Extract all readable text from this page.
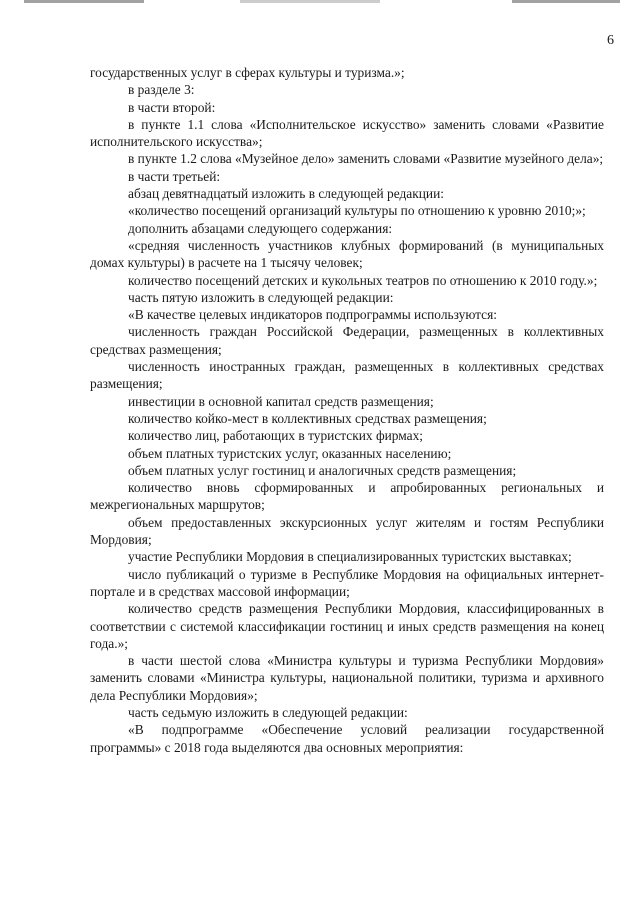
6

государственных услуг в сферах культуры и туризма.»;

в разделе 3:

в части второй:

в пункте 1.1 слова «Исполнительское искусство» заменить словами «Развитие исполнительского искусства»;

в пункте 1.2 слова «Музейное дело» заменить словами «Развитие музейного дела»;

в части третьей:

абзац девятнадцатый изложить в следующей редакции:

«количество посещений организаций культуры по отношению к уровню 2010;»;

дополнить абзацами следующего содержания:

«средняя численность участников клубных формирований (в муниципальных домах культуры) в расчете на 1 тысячу человек;

количество посещений детских и кукольных театров по отношению к 2010 году.»;

часть пятую изложить в следующей редакции:

«В качестве целевых индикаторов подпрограммы используются:

численность граждан Российской Федерации, размещенных в коллективных средствах размещения;

численность иностранных граждан, размещенных в коллективных средствах размещения;

инвестиции в основной капитал средств размещения;

количество койко-мест в коллективных средствах размещения;

количество лиц, работающих в туристских фирмах;

объем платных туристских услуг, оказанных населению;

объем платных услуг гостиниц и аналогичных средств размещения;

количество вновь сформированных и апробированных региональных и межрегиональных маршрутов;

объем предоставленных экскурсионных услуг жителям и гостям Республики Мордовия;

участие Республики Мордовия в специализированных туристских выставках;

число публикаций о туризме в Республике Мордовия на официальных интернет-портале и в средствах массовой информации;

количество средств размещения Республики Мордовия, классифицированных в соответствии с системой классификации гостиниц и иных средств размещения на конец года.»;

в части шестой слова «Министра культуры и туризма Республики Мордовия» заменить словами «Министра культуры, национальной политики, туризма и архивного дела Республики Мордовия»;

часть седьмую изложить в следующей редакции:

«В подпрограмме «Обеспечение условий реализации государственной программы» с 2018 года выделяются два основных мероприятия:
